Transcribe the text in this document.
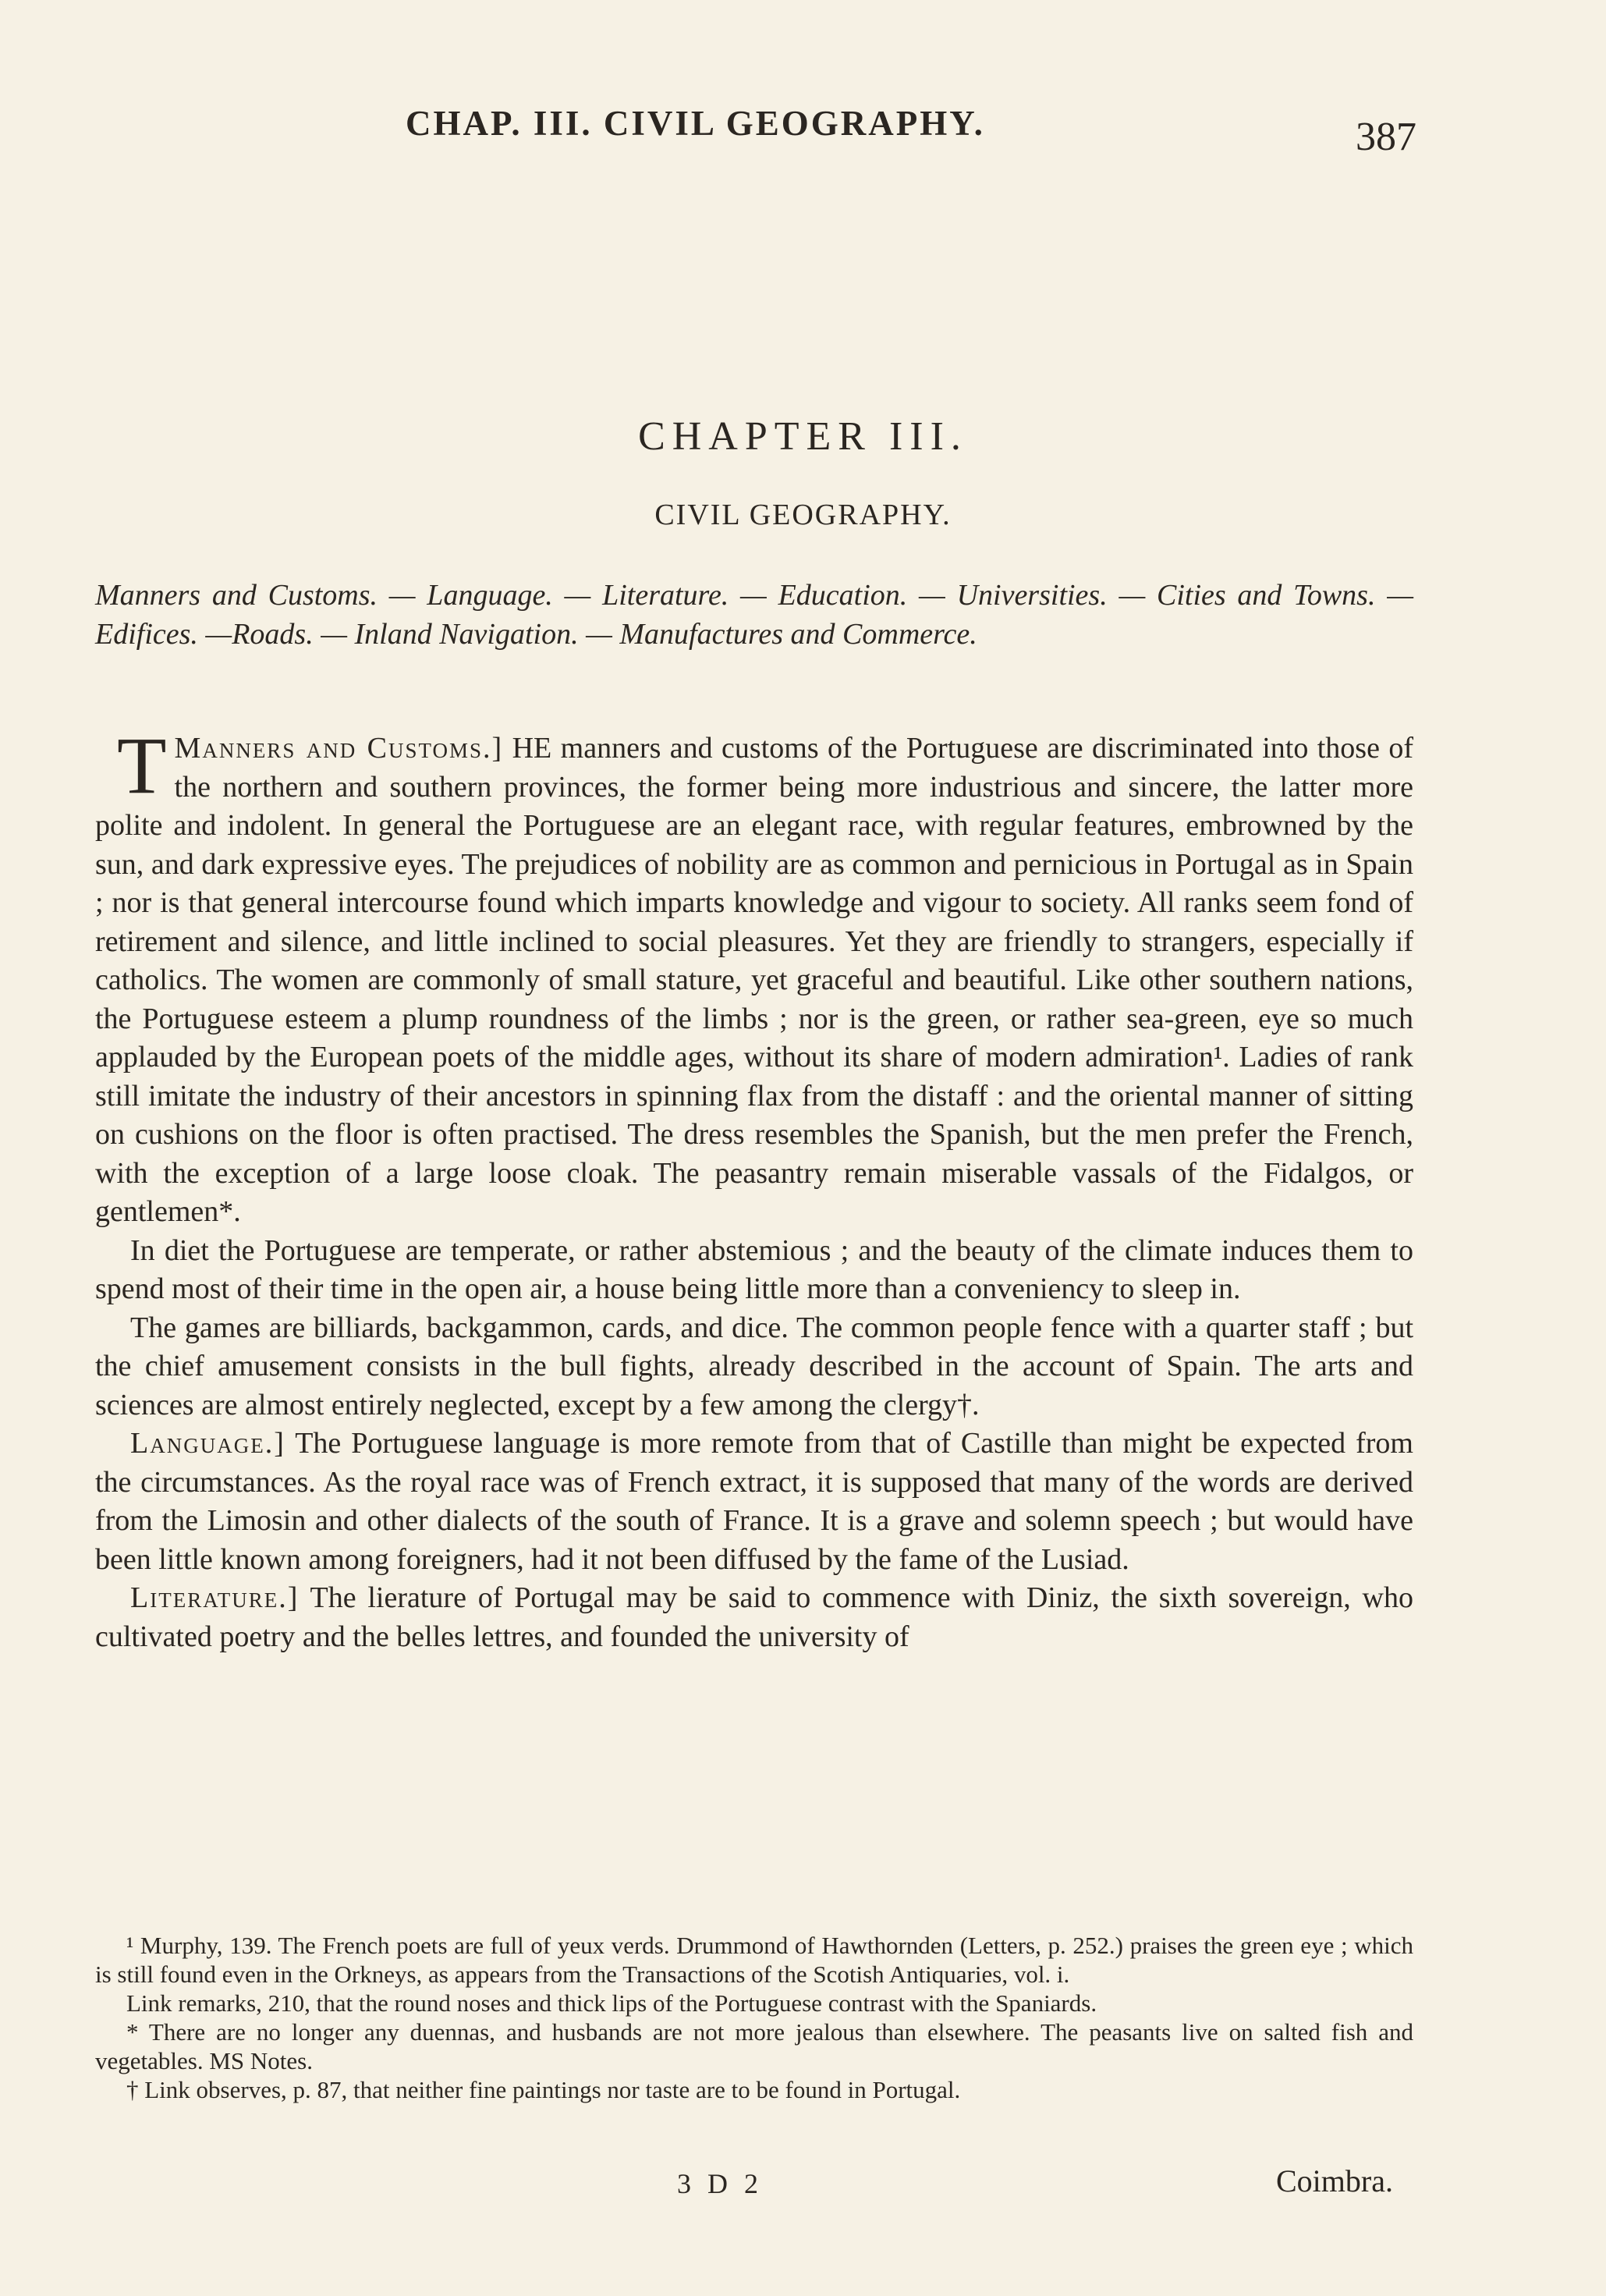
CHAP. III. CIVIL GEOGRAPHY.	387
CHAPTER III.
CIVIL GEOGRAPHY.
Manners and Customs. — Language. — Literature. — Education. — Universities. — Cities and Towns. — Edifices. —Roads. — Inland Navigation. — Manufactures and Commerce.

Manners and Customs.]
T	HE manners and customs of the Portuguese are discriminated into those of the northern and southern provinces, the former being more industrious and sincere, the latter more polite and indolent. In general the Portuguese are an elegant race, with regular features, embrowned by the sun, and dark expressive eyes. The prejudices of nobility are as common and pernicious in Portugal as in Spain ; nor is that general intercourse found which imparts knowledge and vigour to society. All ranks seem fond of retirement and silence, and little inclined to social pleasures. Yet they are friendly to strangers, especially if catholics. The women are commonly of small stature, yet graceful and beautiful. Like other southern nations, the Portuguese esteem a plump roundness of the limbs ; nor is the green, or rather sea-green, eye so much applauded by the European poets of the middle ages, without its share of modern admiration¹. Ladies of rank still imitate the industry of their ancestors in spinning flax from the distaff : and the oriental manner of sitting on cushions on the floor is often practised. The dress resembles the Spanish, but the men prefer the French, with the exception of a large loose cloak. The peasantry remain miserable vassals of the Fidalgos, or gentlemen*.

In diet the Portuguese are temperate, or rather abstemious ; and the beauty of the climate induces them to spend most of their time in the open air, a house being little more than a conveniency to sleep in.

The games are billiards, backgammon, cards, and dice. The common people fence with a quarter staff ; but the chief amusement consists in the bull fights, already described in the account of Spain. The arts and sciences are almost entirely neglected, except by a few among the clergy†.

Language.] The Portuguese language is more remote from that of Castille than might be expected from the circumstances. As the royal race was of French extract, it is supposed that many of the words are derived from the Limosin and other dialects of the south of France. It is a grave and solemn speech ; but would have been little known among foreigners, had it not been diffused by the fame of the Lusiad.

Literature.] The lierature of Portugal may be said to commence with Diniz, the sixth sovereign, who cultivated poetry and the belles lettres, and founded the university of

¹ Murphy, 139. The French poets are full of yeux verds. Drummond of Hawthornden (Letters, p. 252.) praises the green eye ; which is still found even in the Orkneys, as appears from the Transactions of the Scotish Antiquaries, vol. i.

Link remarks, 210, that the round noses and thick lips of the Portuguese contrast with the Spaniards.

* There are no longer any duennas, and husbands are not more jealous than elsewhere. The peasants live on salted fish and vegetables. MS Notes.

† Link observes, p. 87, that neither fine paintings nor taste are to be found in Portugal.

3 D 2	Coimbra.
